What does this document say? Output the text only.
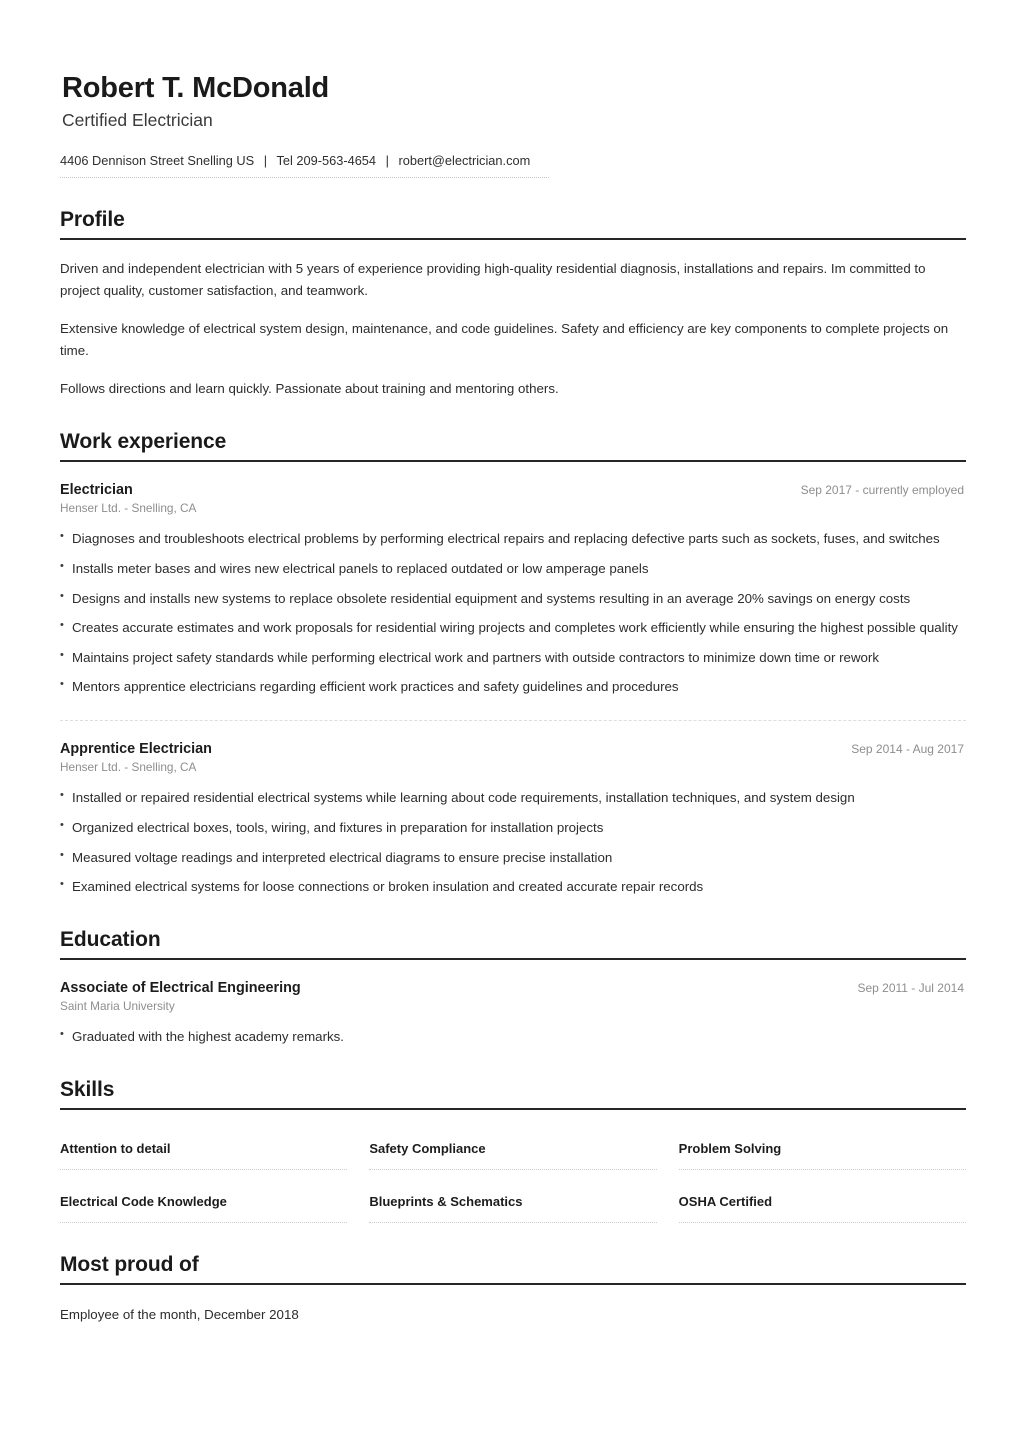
Robert T. McDonald
Certified Electrician
4406 Dennison Street Snelling US | Tel 209-563-4654 | robert@electrician.com
Profile

Driven and independent electrician with 5 years of experience providing high-quality residential diagnosis, installations and repairs. Im committed to project quality, customer satisfaction, and teamwork.

Extensive knowledge of electrical system design, maintenance, and code guidelines. Safety and efficiency are key components to complete projects on time.

Follows directions and learn quickly. Passionate about training and mentoring others.

Work experience
Electrician	Sep 2017 - currently employed
Henser Ltd. - Snelling, CA
• Diagnoses and troubleshoots electrical problems by performing electrical repairs and replacing defective parts such as sockets, fuses, and switches
• Installs meter bases and wires new electrical panels to replaced outdated or low amperage panels
• Designs and installs new systems to replace obsolete residential equipment and systems resulting in an average 20% savings on energy costs
• Creates accurate estimates and work proposals for residential wiring projects and completes work efficiently while ensuring the highest possible quality
• Maintains project safety standards while performing electrical work and partners with outside contractors to minimize down time or rework
• Mentors apprentice electricians regarding efficient work practices and safety guidelines and procedures
Apprentice Electrician	Sep 2014 - Aug 2017
Henser Ltd. - Snelling, CA
• Installed or repaired residential electrical systems while learning about code requirements, installation techniques, and system design
• Organized electrical boxes, tools, wiring, and fixtures in preparation for installation projects
• Measured voltage readings and interpreted electrical diagrams to ensure precise installation
• Examined electrical systems for loose connections or broken insulation and created accurate repair records
Education
Associate of Electrical Engineering	Sep 2011 - Jul 2014
Saint Maria University
• Graduated with the highest academy remarks.
Skills
Attention to detail	Safety Compliance	Problem Solving
Electrical Code Knowledge	Blueprints & Schematics	OSHA Certified
Most proud of
Employee of the month, December 2018
